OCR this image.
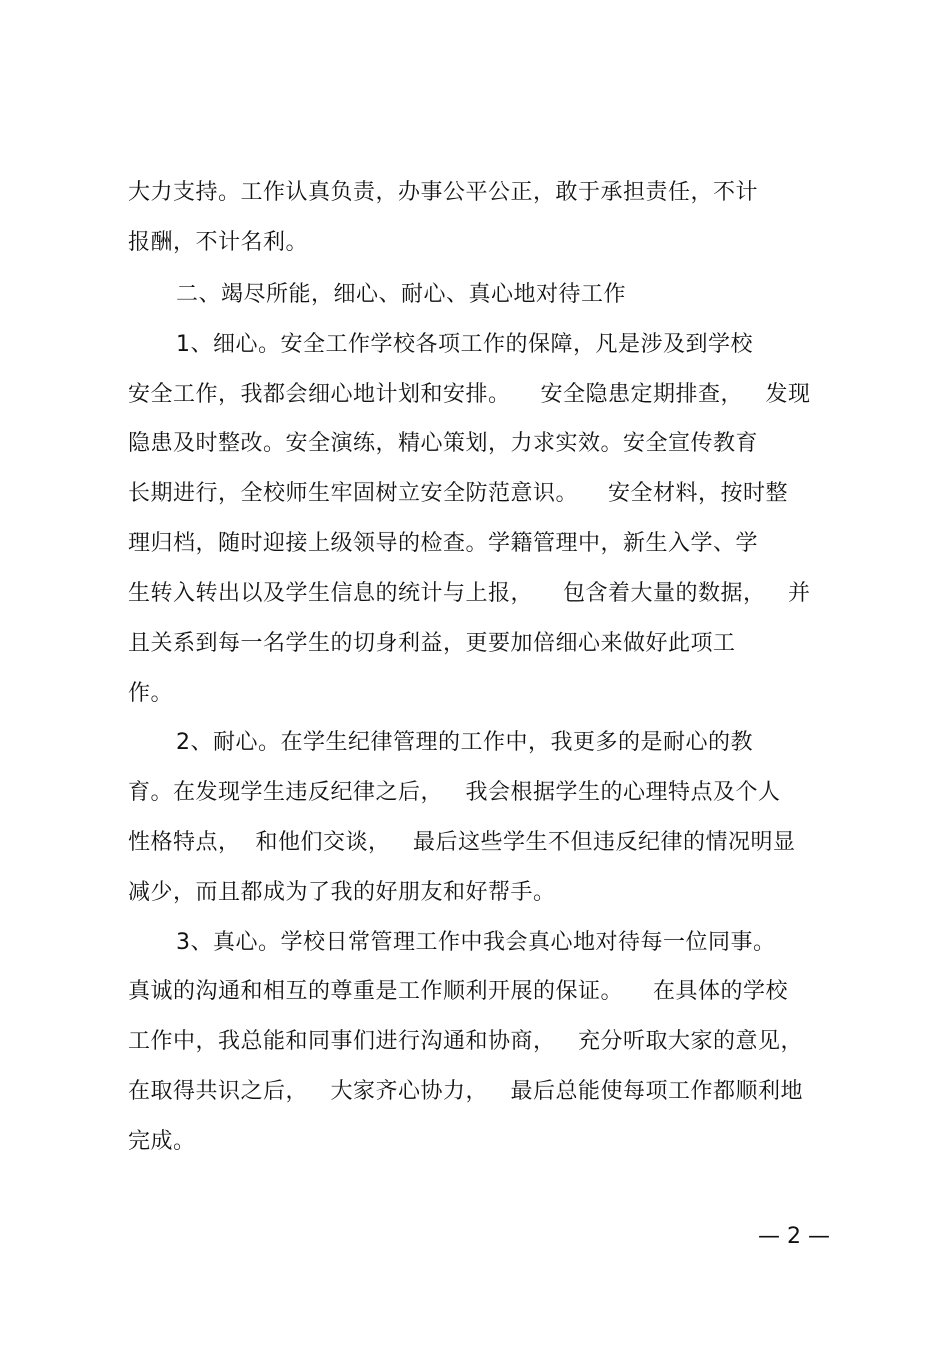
大力支持。工作认真负责，办事公平公正，敢于承担责任，不计
报酬，不计名利。
二、竭尽所能，细心、耐心、真心地对待工作
1、细心。安全工作学校各项工作的保障，凡是涉及到学校
安全工作，我都会细心地计划和安排。    安全隐患定期排查，   发现
隐患及时整改。安全演练，精心策划，力求实效。安全宣传教育
长期进行，全校师生牢固树立安全防范意识。    安全材料，按时整
理归档，随时迎接上级领导的检查。学籍管理中，新生入学、学
生转入转出以及学生信息的统计与上报，    包含着大量的数据，   并
且关系到每一名学生的切身利益，更要加倍细心来做好此项工
作。
2、耐心。在学生纪律管理的工作中，我更多的是耐心的教
育。在发现学生违反纪律之后，   我会根据学生的心理特点及个人
性格特点，  和他们交谈，   最后这些学生不但违反纪律的情况明显
减少，而且都成为了我的好朋友和好帮手。
3、真心。学校日常管理工作中我会真心地对待每一位同事。
真诚的沟通和相互的尊重是工作顺利开展的保证。    在具体的学校
工作中，我总能和同事们进行沟通和协商，   充分听取大家的意见，
在取得共识之后，   大家齐心协力，   最后总能使每项工作都顺利地
完成。
— 2 —
